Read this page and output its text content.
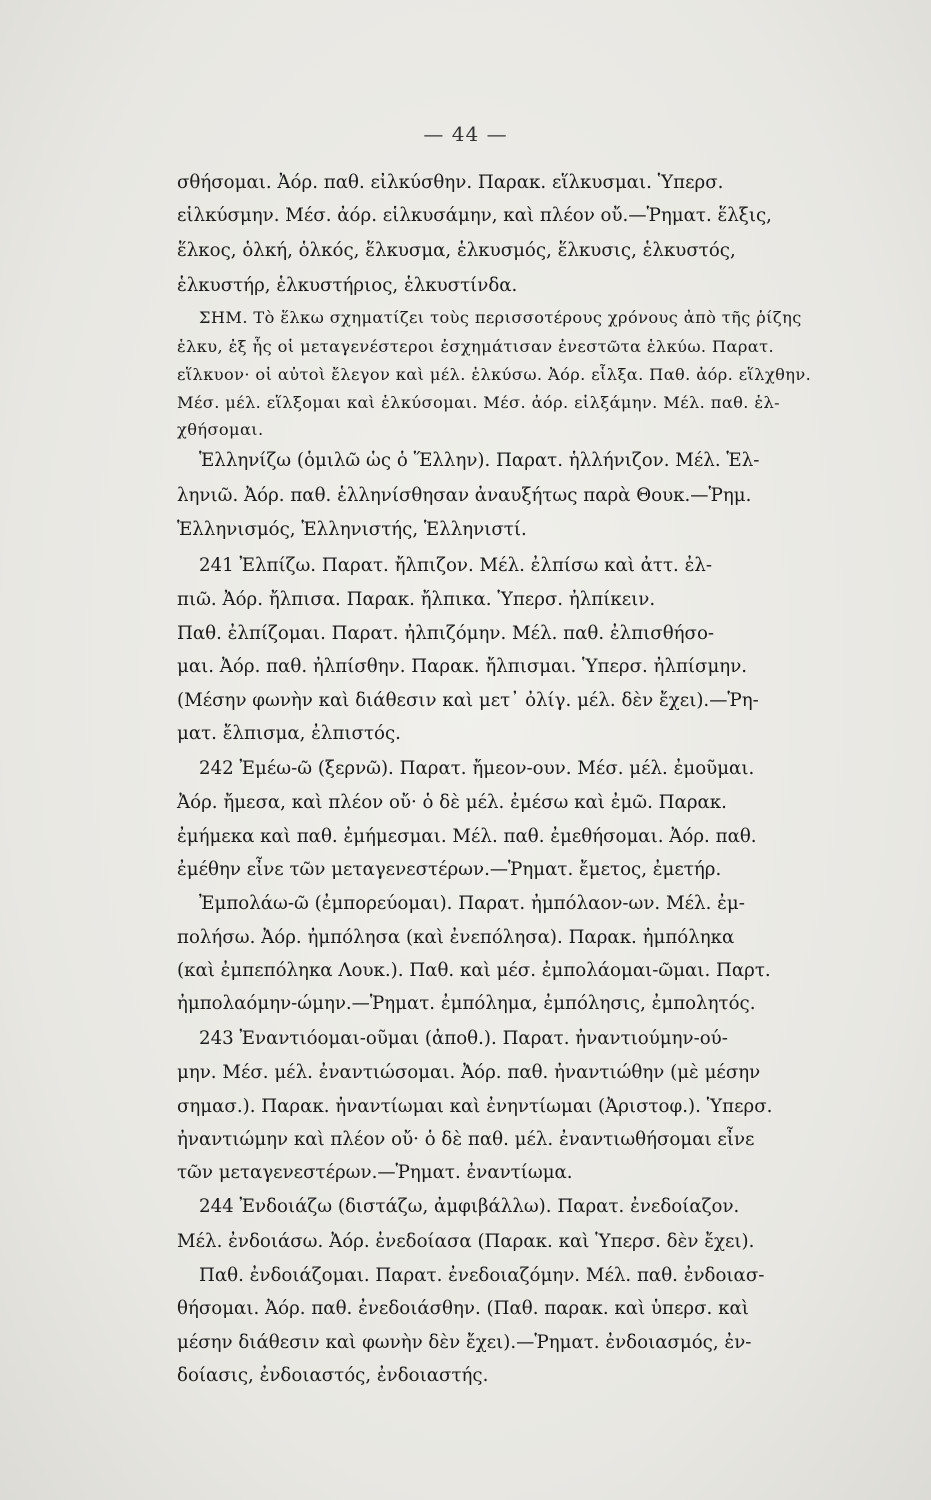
— 44 —
σθήσομαι. Ἀόρ. παθ. εἰλκύσθην. Παρακ. εἵλκυσμαι. Ὑπερσ.
εἱλκύσμην. Μέσ. ἀόρ. εἱλκυσάμην, καὶ πλέον οὔ.—Ῥηματ. ἕλξις,
ἕλκος, ὁλκή, ὁλκός, ἕλκυσμα, ἑλκυσμός, ἕλκυσις, ἑλκυστός,
ἑλκυστήρ, ἑλκυστήριος, ἑλκυστίνδα.
ΣΗΜ. Τὸ ἕλκω σχηματίζει τοὺς περισσοτέρους χρόνους ἀπὸ τῆς ῥίζης
ἑλκυ, ἐξ ἧς οἱ μεταγενέστεροι ἐσχημάτισαν ἐνεστῶτα ἑλκύω. Παρατ.
εἵλκυον· οἱ αὐτοὶ ἔλεγον καὶ μέλ. ἑλκύσω. Ἀόρ. εἷλξα. Παθ. ἀόρ. εἵλχθην.
Μέσ. μέλ. εἵλξομαι καὶ ἑλκύσομαι. Μέσ. ἀόρ. εἱλξάμην. Μέλ. παθ. ἑλ-
χθήσομαι.
Ἑλληνίζω (ὁμιλῶ ὡς ὁ Ἕλλην). Παρατ. ἡλλήνιζον. Μέλ. Ἑλ-
ληνιῶ. Ἀόρ. παθ. ἑλληνίσθησαν ἀναυξήτως παρὰ Θουκ.—Ῥημ.
Ἑλληνισμός, Ἑλληνιστής, Ἑλληνιστί.
241 Ἐλπίζω. Παρατ. ἤλπιζον. Μέλ. ἐλπίσω καὶ ἀττ. ἐλ-
πιῶ. Ἀόρ. ἤλπισα. Παρακ. ἤλπικα. Ὑπερσ. ἠλπίκειν.
Παθ. ἐλπίζομαι. Παρατ. ἠλπιζόμην. Μέλ. παθ. ἐλπισθήσο-
μαι. Ἀόρ. παθ. ἠλπίσθην. Παρακ. ἤλπισμαι. Ὑπερσ. ἠλπίσμην.
(Μέσην φωνὴν καὶ διάθεσιν καὶ μετ᾽ ὀλίγ. μέλ. δὲν ἔχει).—Ῥη-
ματ. ἔλπισμα, ἐλπιστός.
242 Ἐμέω-ῶ (ξερνῶ). Παρατ. ἤμεον-ουν. Μέσ. μέλ. ἐμοῦμαι.
Ἀόρ. ἤμεσα, καὶ πλέον οὔ· ὁ δὲ μέλ. ἐμέσω καὶ ἐμῶ. Παρακ.
ἐμήμεκα καὶ παθ. ἐμήμεσμαι. Μέλ. παθ. ἐμεθήσομαι. Ἀόρ. παθ.
ἐμέθην εἶνε τῶν μεταγενεστέρων.—Ῥηματ. ἔμετος, ἐμετήρ.
Ἐμπολάω-ῶ (ἐμπορεύομαι). Παρατ. ἠμπόλαον-ων. Μέλ. ἐμ-
πολήσω. Ἀόρ. ἠμπόλησα (καὶ ἐνεπόλησα). Παρακ. ἠμπόληκα
(καὶ ἐμπεπόληκα Λουκ.). Παθ. καὶ μέσ. ἐμπολάομαι-ῶμαι. Παρτ.
ἠμπολαόμην-ώμην.—Ῥηματ. ἐμπόλημα, ἐμπόλησις, ἐμπολητός.
243 Ἐναντιόομαι-οῦμαι (ἀποθ.). Παρατ. ἠναντιούμην-ού-
μην. Μέσ. μέλ. ἐναντιώσομαι. Ἀόρ. παθ. ἠναντιώθην (μὲ μέσην
σημασ.). Παρακ. ἠναντίωμαι καὶ ἐνηντίωμαι (Ἀριστοφ.). Ὑπερσ.
ἠναντιώμην καὶ πλέον οὔ· ὁ δὲ παθ. μέλ. ἐναντιωθήσομαι εἶνε
τῶν μεταγενεστέρων.—Ῥηματ. ἐναντίωμα.
244 Ἐνδοιάζω (διστάζω, ἀμφιβάλλω). Παρατ. ἐνεδοίαζον.
Μέλ. ἐνδοιάσω. Ἀόρ. ἐνεδοίασα (Παρακ. καὶ Ὑπερσ. δὲν ἔχει).
Παθ. ἐνδοιάζομαι. Παρατ. ἐνεδοιαζόμην. Μέλ. παθ. ἐνδοιασ-
θήσομαι. Ἀόρ. παθ. ἐνεδοιάσθην. (Παθ. παρακ. καὶ ὑπερσ. καὶ
μέσην διάθεσιν καὶ φωνὴν δὲν ἔχει).—Ῥηματ. ἐνδοιασμός, ἐν-
δοίασις, ἐνδοιαστός, ἐνδοιαστής.
